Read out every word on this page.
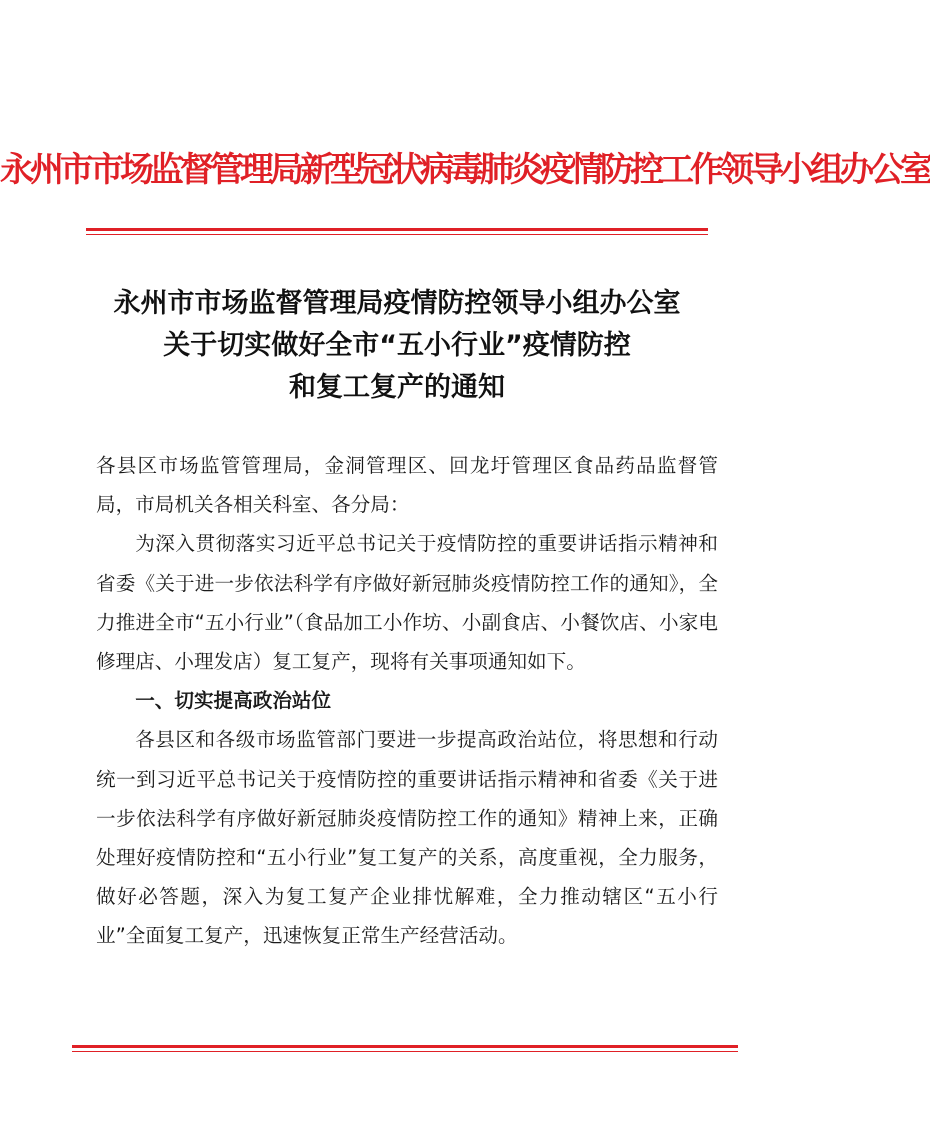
永州市市场监督管理局新型冠状病毒肺炎疫情防控工作领导小组办公室
永州市市场监督管理局疫情防控领导小组办公室
关于切实做好全市“五小行业”疫情防控
和复工复产的通知

各县区市场监管管理局，金洞管理区、回龙圩管理区食品药品监督管局，市局机关各相关科室、各分局：

为深入贯彻落实习近平总书记关于疫情防控的重要讲话指示精神和省委《关于进一步依法科学有序做好新冠肺炎疫情防控工作的通知》，全力推进全市“五小行业”（食品加工小作坊、小副食店、小餐饮店、小家电修理店、小理发店）复工复产，现将有关事项通知如下。

一、切实提高政治站位

各县区和各级市场监管部门要进一步提高政治站位，将思想和行动统一到习近平总书记关于疫情防控的重要讲话指示精神和省委《关于进一步依法科学有序做好新冠肺炎疫情防控工作的通知》精神上来，正确处理好疫情防控和“五小行业”复工复产的关系，高度重视，全力服务，做好必答题，深入为复工复产企业排忧解难，全力推动辖区“五小行业”全面复工复产，迅速恢复正常生产经营活动。
